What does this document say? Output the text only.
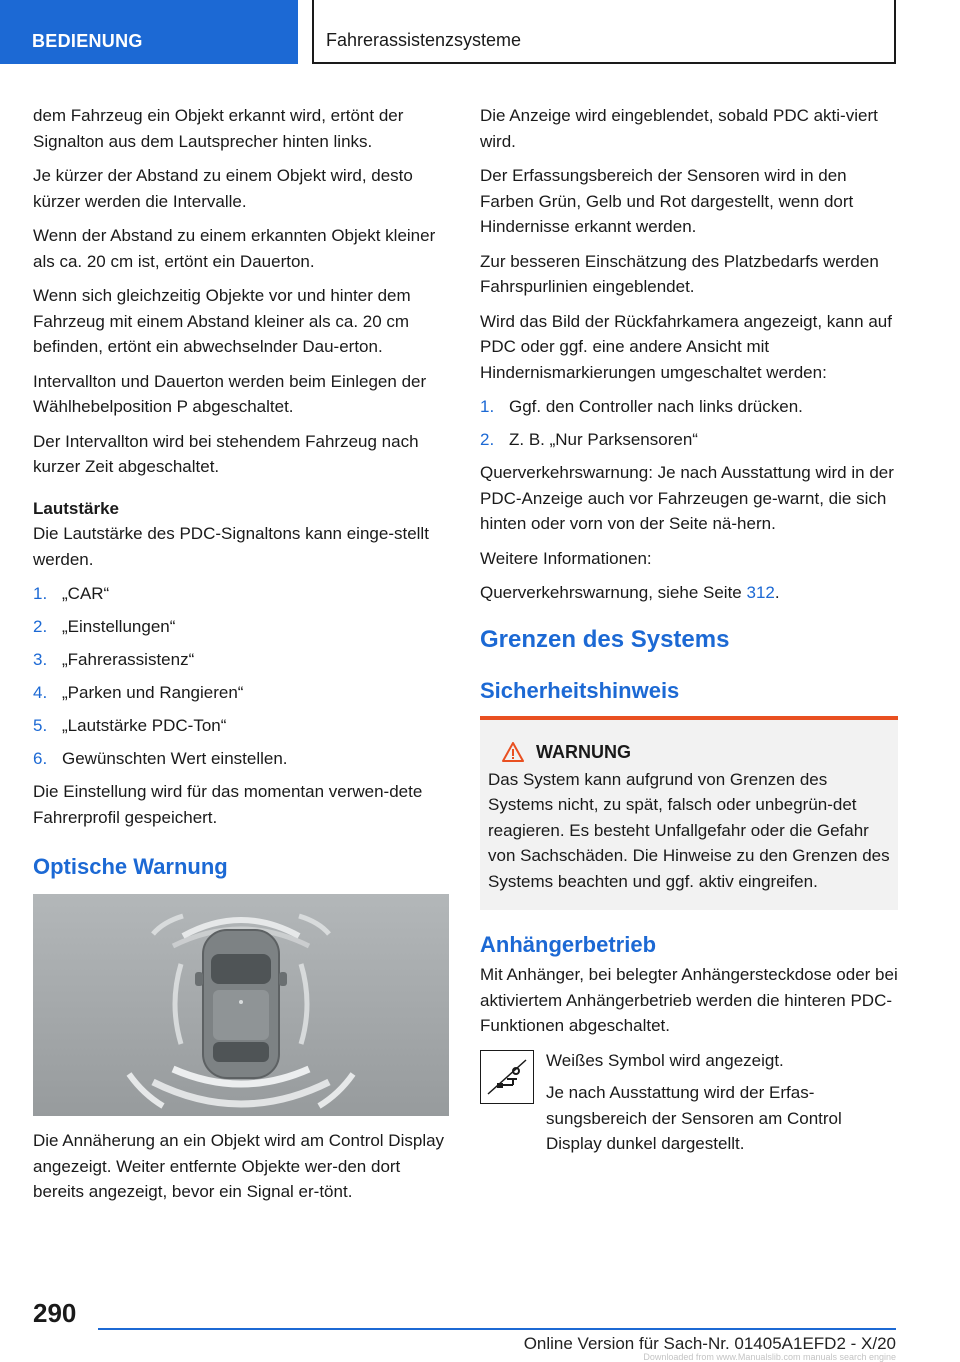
BEDIENUNG	Fahrerassistenzsysteme

dem Fahrzeug ein Objekt erkannt wird, ertönt der Signalton aus dem Lautsprecher hinten links.

Je kürzer der Abstand zu einem Objekt wird, desto kürzer werden die Intervalle.

Wenn der Abstand zu einem erkannten Objekt kleiner als ca. 20 cm ist, ertönt ein Dauerton.

Wenn sich gleichzeitig Objekte vor und hinter dem Fahrzeug mit einem Abstand kleiner als ca. 20 cm befinden, ertönt ein abwechselnder Dau‐erton.

Intervallton und Dauerton werden beim Einlegen der Wählhebelposition P abgeschaltet.

Der Intervallton wird bei stehendem Fahrzeug nach kurzer Zeit abgeschaltet.

Lautstärke

Die Lautstärke des PDC-Signaltons kann einge‐stellt werden.

1. „CAR“
2. „Einstellungen“
3. „Fahrerassistenz“
4. „Parken und Rangieren“
5. „Lautstärke PDC-Ton“
6. Gewünschten Wert einstellen.

Die Einstellung wird für das momentan verwen‐dete Fahrerprofil gespeichert.

Optische Warnung

Die Annäherung an ein Objekt wird am Control Display angezeigt. Weiter entfernte Objekte wer‐den dort bereits angezeigt, bevor ein Signal er‐tönt.

Die Anzeige wird eingeblendet, sobald PDC akti‐viert wird.

Der Erfassungsbereich der Sensoren wird in den Farben Grün, Gelb und Rot dargestellt, wenn dort Hindernisse erkannt werden.

Zur besseren Einschätzung des Platzbedarfs werden Fahrspurlinien eingeblendet.

Wird das Bild der Rückfahrkamera angezeigt, kann auf PDC oder ggf. eine andere Ansicht mit Hindernismarkierungen umgeschaltet werden:

1. Ggf. den Controller nach links drücken.
2. Z. B. „Nur Parksensoren“

Querverkehrswarnung: Je nach Ausstattung wird in der PDC-Anzeige auch vor Fahrzeugen ge‐warnt, die sich hinten oder vorn von der Seite nä‐hern.

Weitere Informationen:

Querverkehrswarnung, siehe Seite 312.

Grenzen des Systems
Sicherheitshinweis
WARNUNG

Das System kann aufgrund von Grenzen des Systems nicht, zu spät, falsch oder unbegrün‐det reagieren. Es besteht Unfallgefahr oder die Gefahr von Sachschäden. Die Hinweise zu den Grenzen des Systems beachten und ggf. aktiv eingreifen.

Anhängerbetrieb

Mit Anhänger, bei belegter Anhängersteckdose oder bei aktiviertem Anhängerbetrieb werden die hinteren PDC-Funktionen abgeschaltet.

Weißes Symbol wird angezeigt.

Je nach Ausstattung wird der Erfas‐sungsbereich der Sensoren am Control Display dunkel dargestellt.

290
Online Version für Sach-Nr. 01405A1EFD2 - X/20
Downloaded from www.Manualslib.com manuals search engine
